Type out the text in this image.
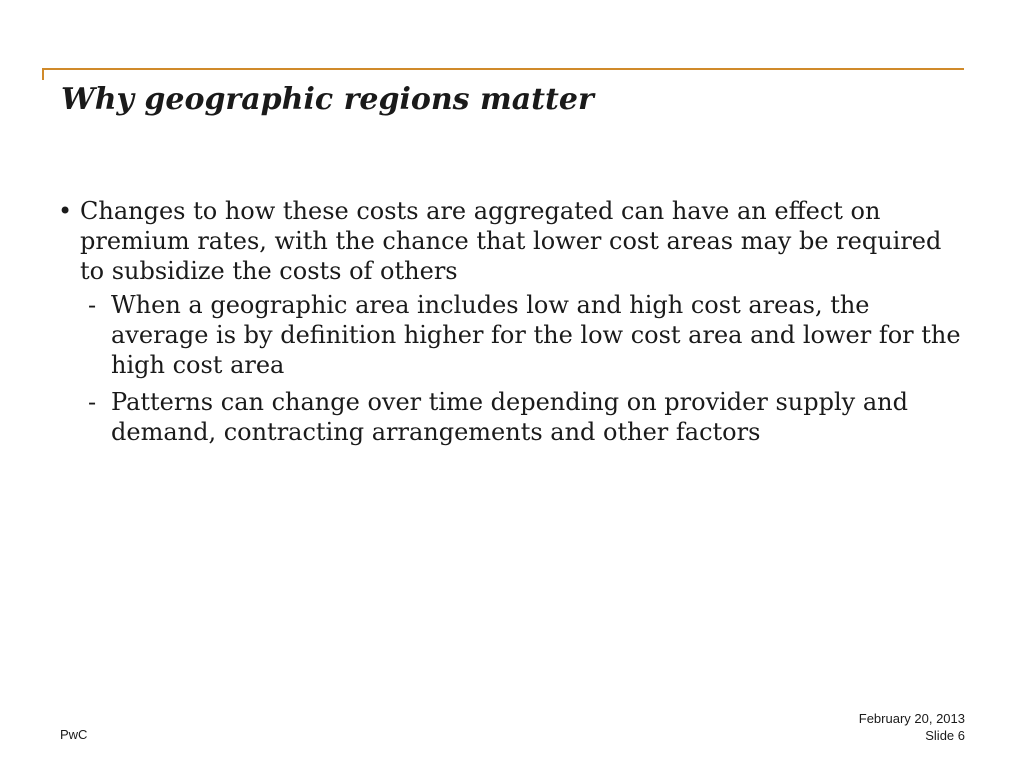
Why geographic regions matter
• Changes to how these costs are aggregated can have an effect on premium rates, with the chance that lower cost areas may be required to subsidize the costs of others
- When a geographic area includes low and high cost areas, the average is by definition higher for the low cost area and lower for the high cost area
- Patterns can change over time depending on provider supply and demand, contracting arrangements and other factors
PwC
February 20, 2013
Slide 6
